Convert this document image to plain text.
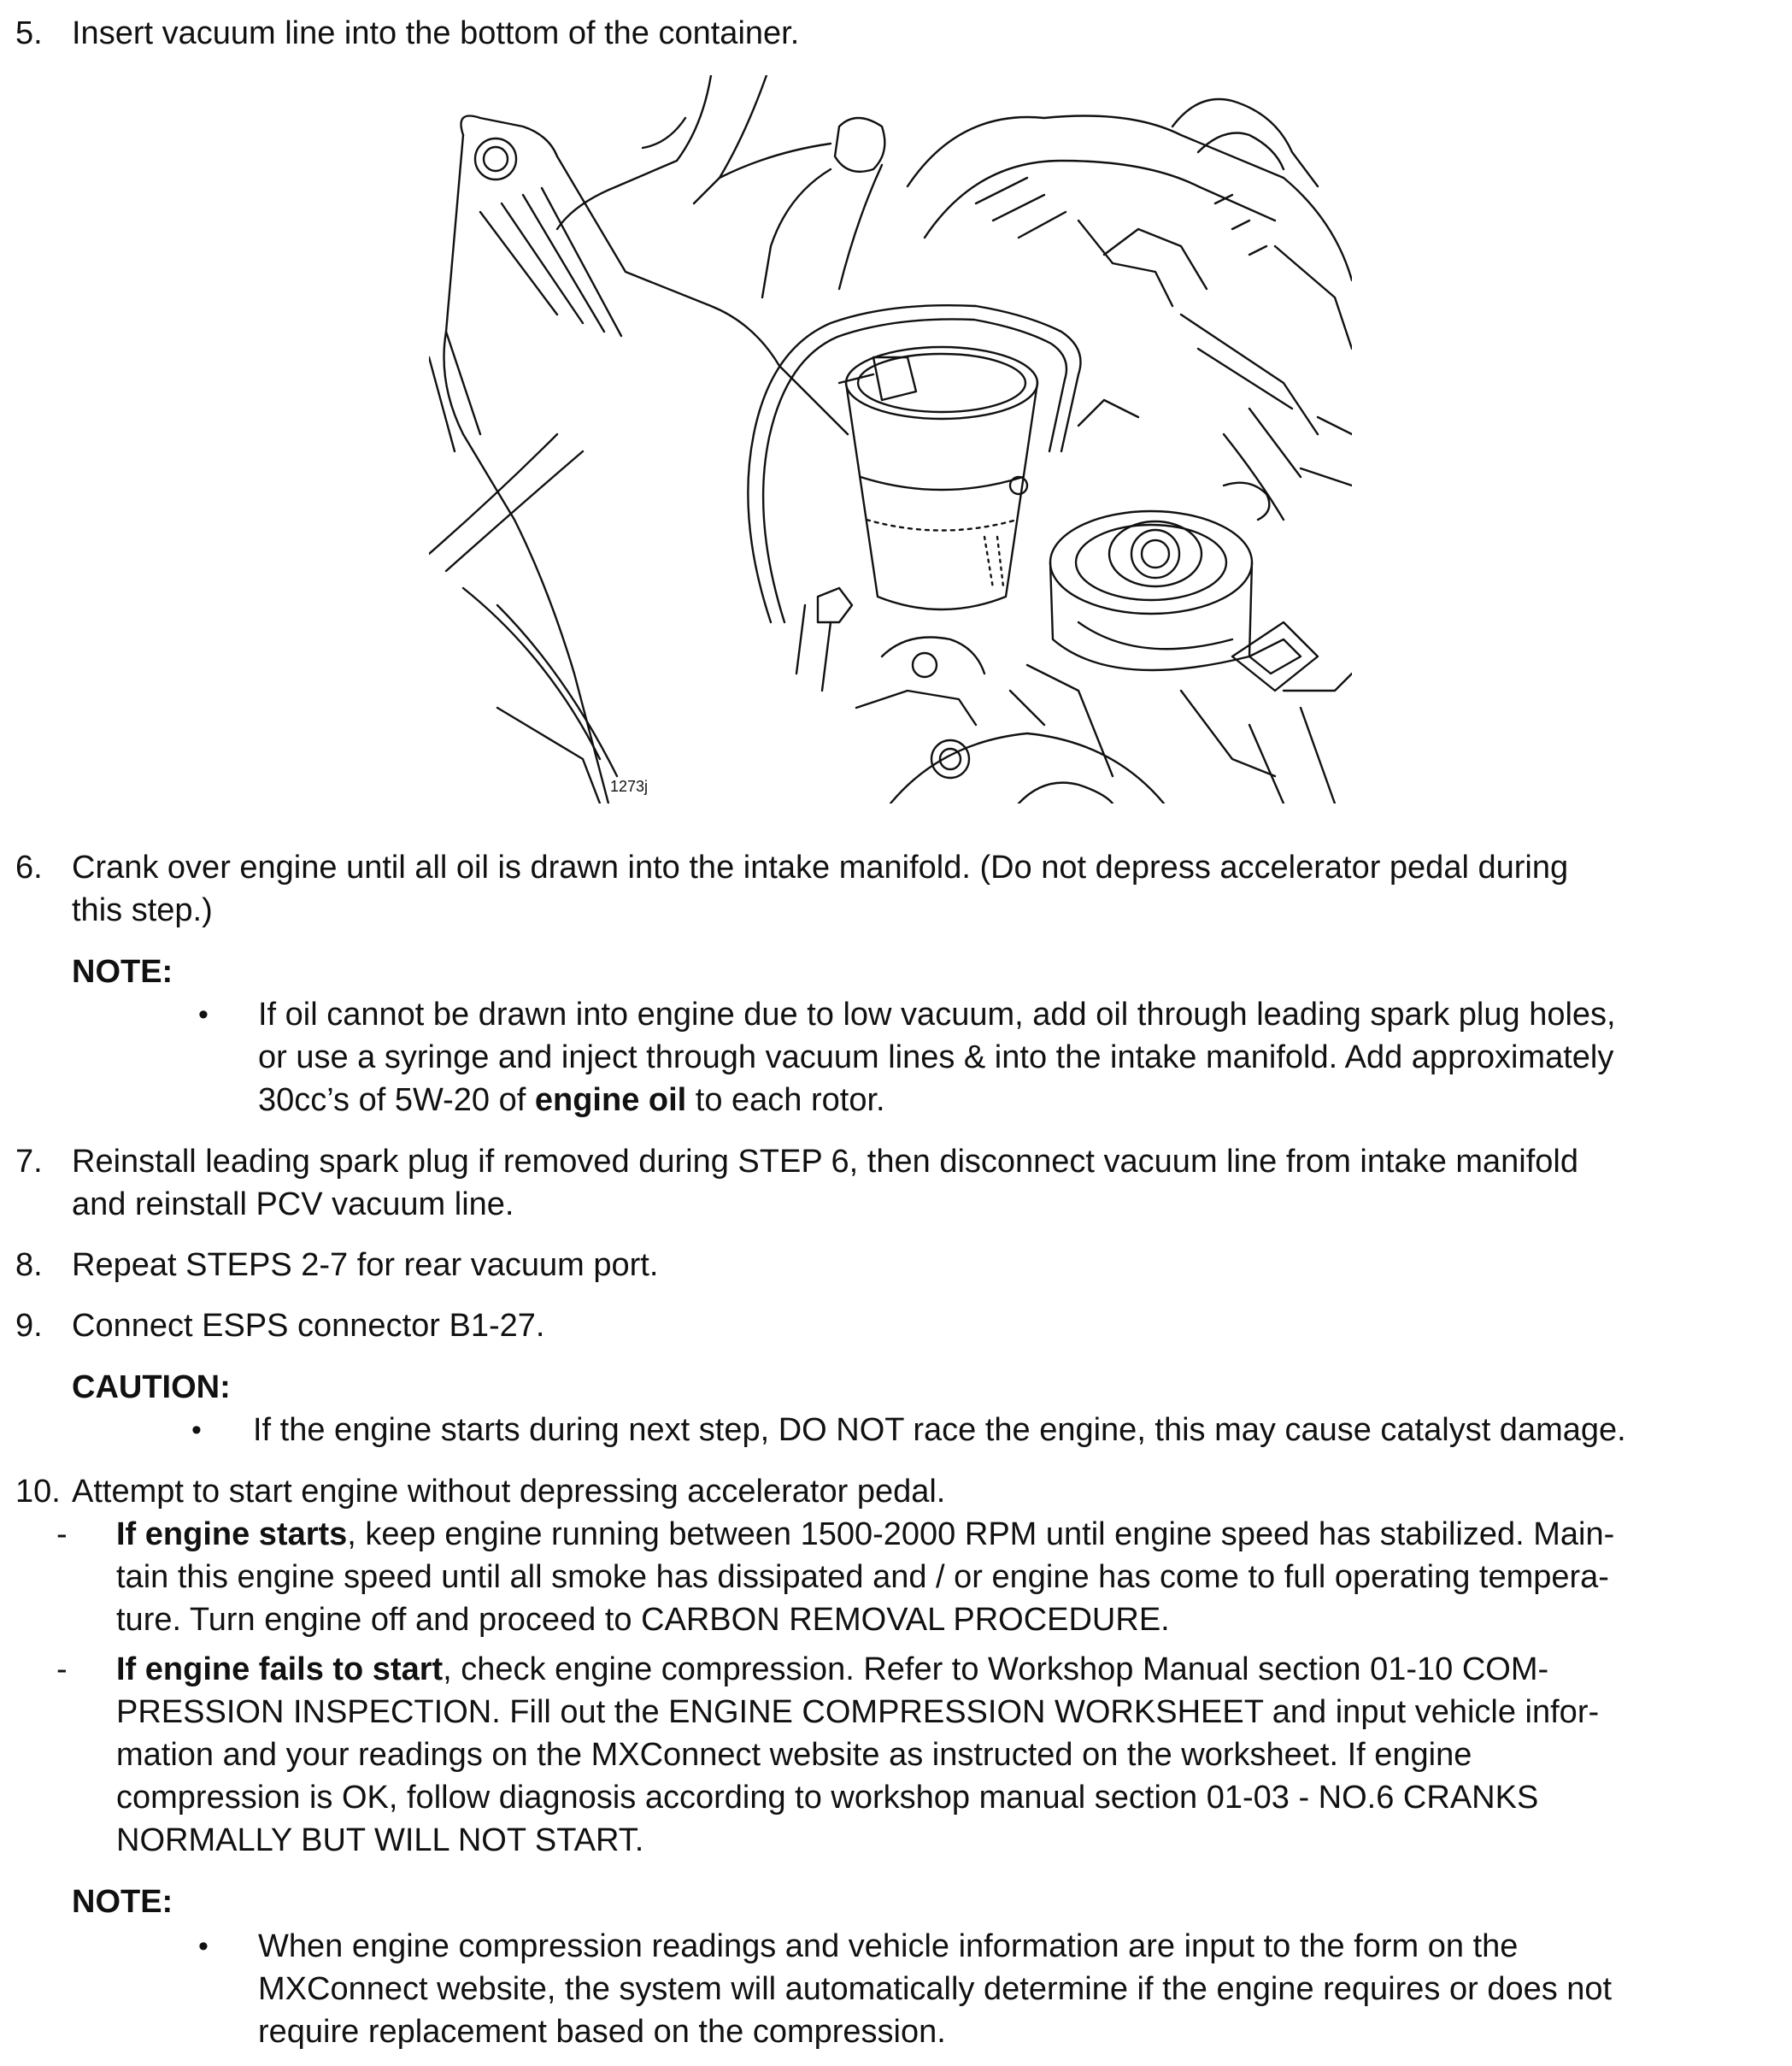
5. Insert vacuum line into the bottom of the container.
1273j
6. Crank over engine until all oil is drawn into the intake manifold. (Do not depress accelerator pedal during
this step.)
NOTE:
• If oil cannot be drawn into engine due to low vacuum, add oil through leading spark plug holes,
or use a syringe and inject through vacuum lines & into the intake manifold. Add approximately
30cc’s of 5W-20 of engine oil to each rotor.
7. Reinstall leading spark plug if removed during STEP 6, then disconnect vacuum line from intake manifold
and reinstall PCV vacuum line.
8. Repeat STEPS 2-7 for rear vacuum port.
9. Connect ESPS connector B1-27.
CAUTION:
• If the engine starts during next step, DO NOT race the engine, this may cause catalyst damage.
10. Attempt to start engine without depressing accelerator pedal.
- If engine starts, keep engine running between 1500-2000 RPM until engine speed has stabilized. Main-
tain this engine speed until all smoke has dissipated and / or engine has come to full operating tempera-
ture. Turn engine off and proceed to CARBON REMOVAL PROCEDURE.
- If engine fails to start, check engine compression. Refer to Workshop Manual section 01-10 COM-
PRESSION INSPECTION. Fill out the ENGINE COMPRESSION WORKSHEET and input vehicle infor-
mation and your readings on the MXConnect website as instructed on the worksheet. If engine
compression is OK, follow diagnosis according to workshop manual section 01-03 - NO.6 CRANKS
NORMALLY BUT WILL NOT START.
NOTE:
• When engine compression readings and vehicle information are input to the form on the
MXConnect website, the system will automatically determine if the engine requires or does not
require replacement based on the compression.
